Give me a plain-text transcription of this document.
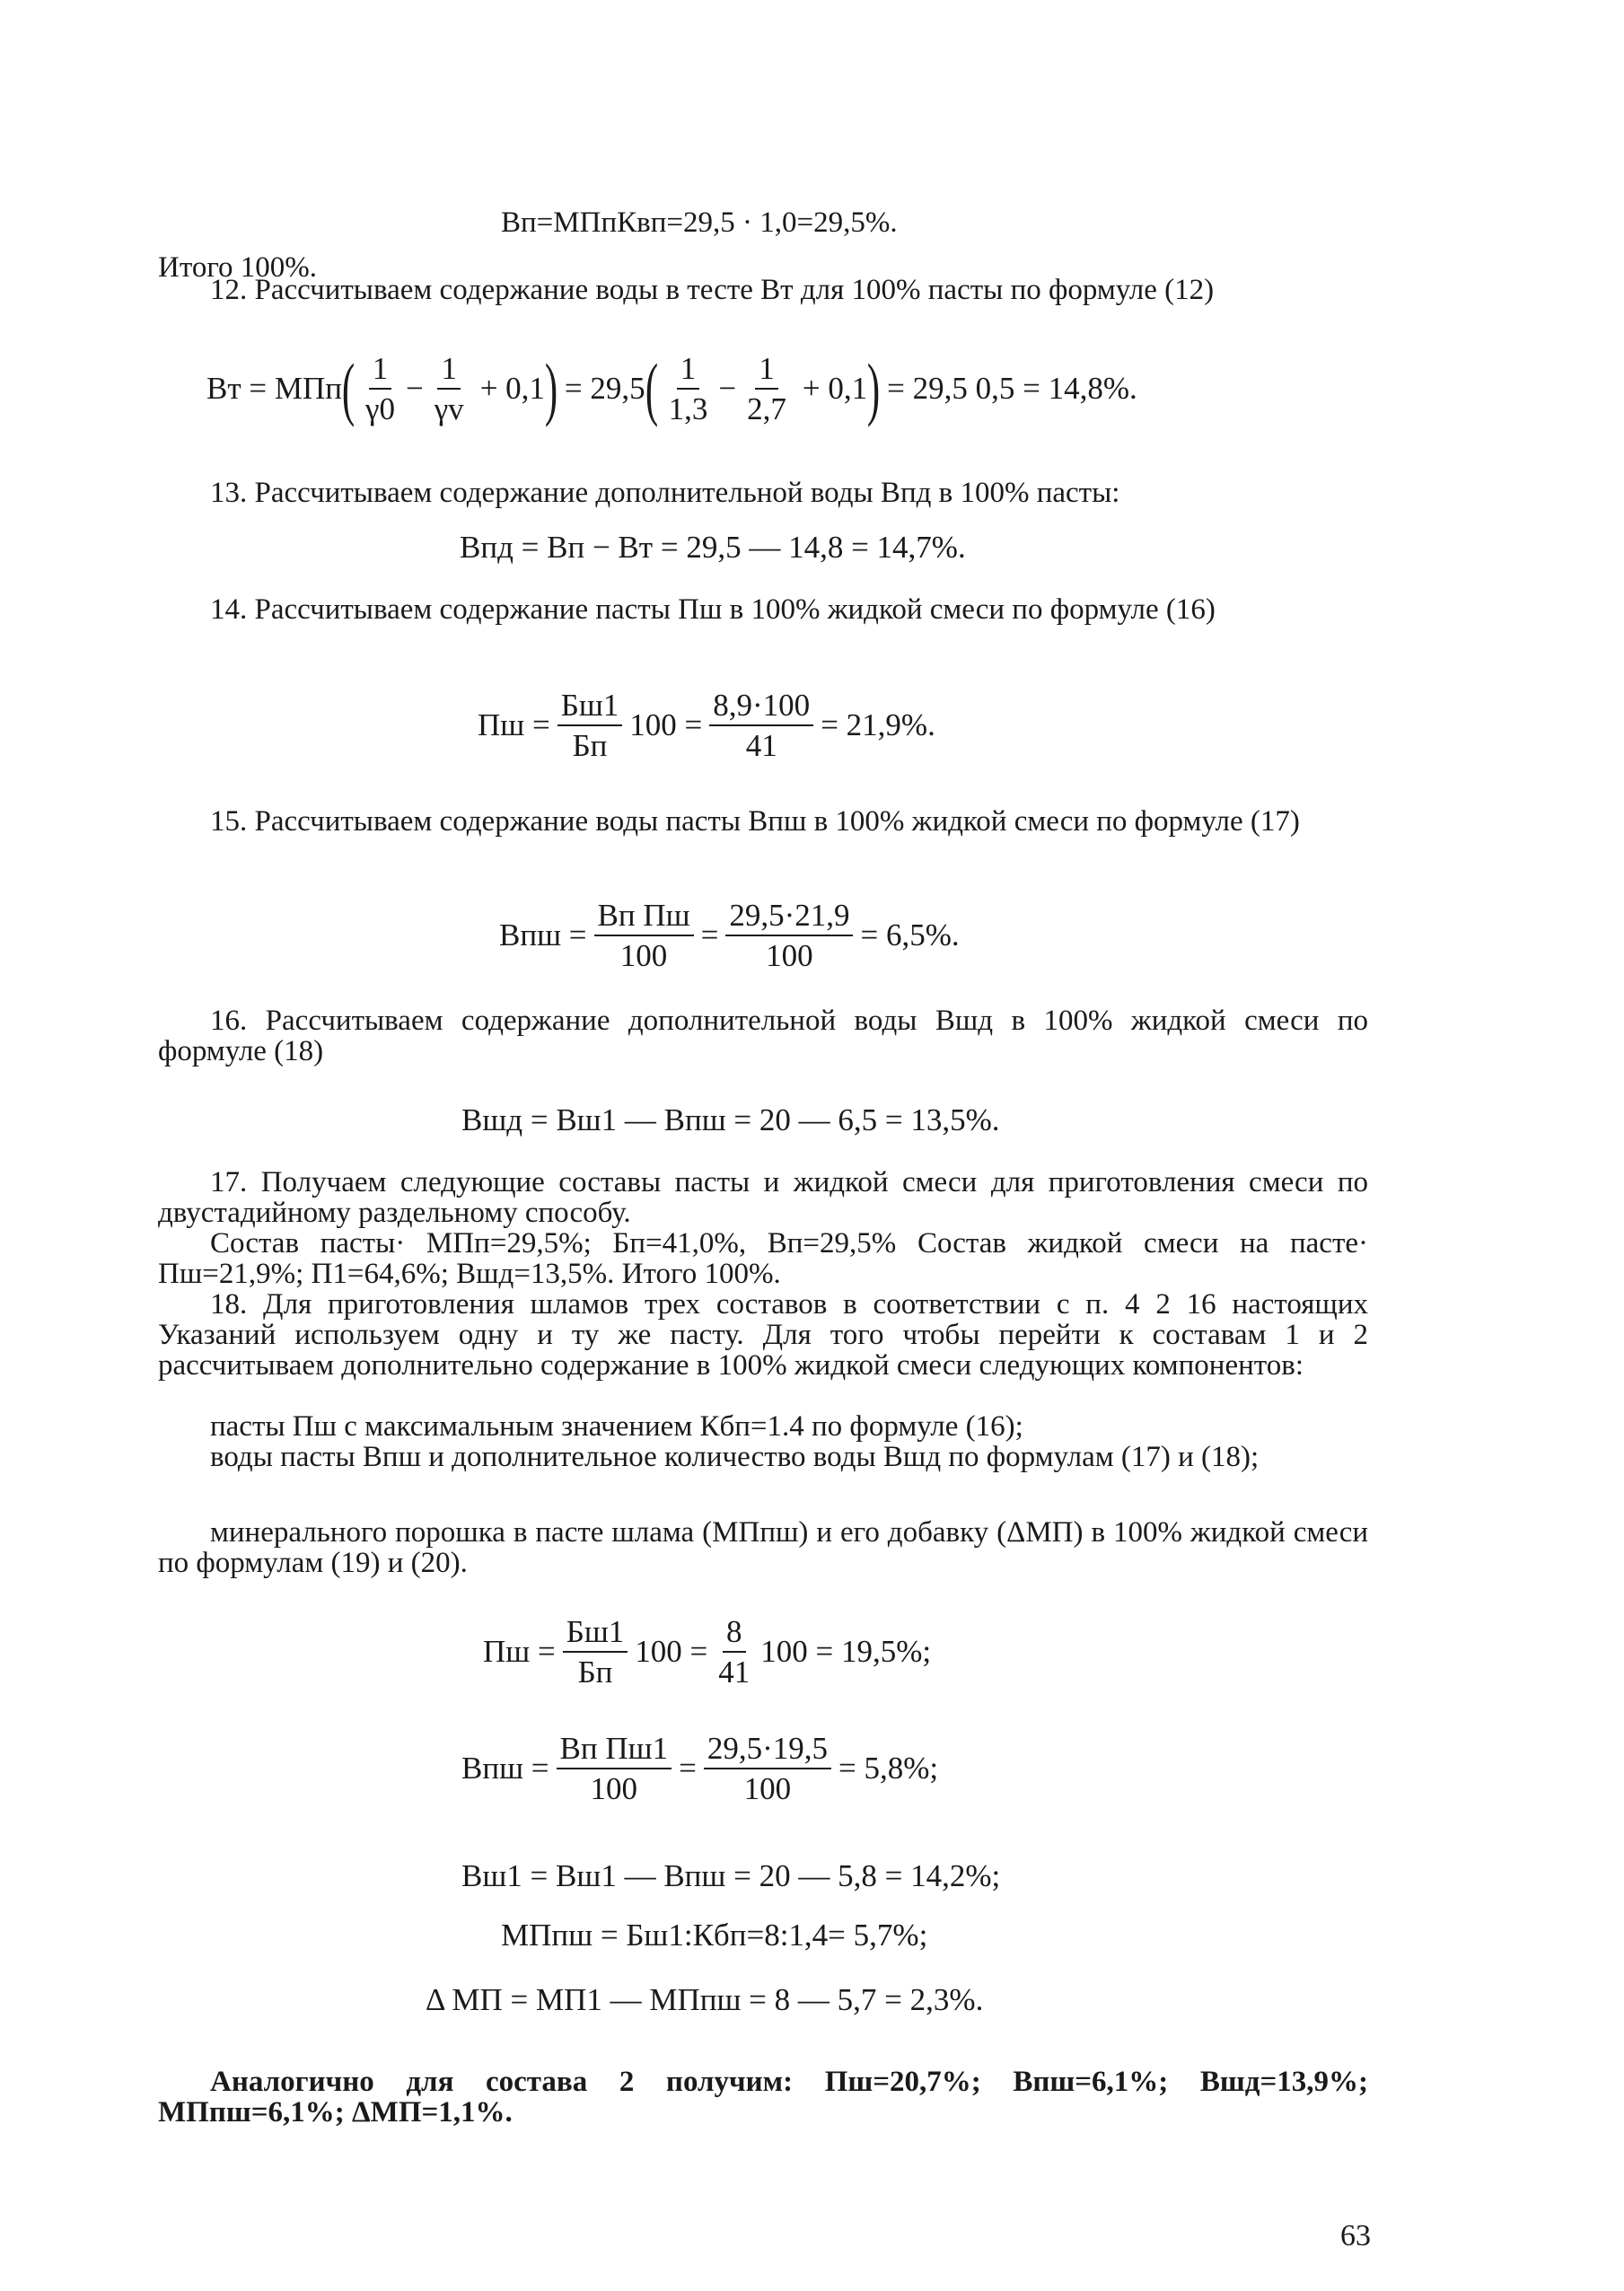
Вп=МПпКвп=29,5 · 1,0=29,5%.
Итого 100%.
12. Рассчитываем содержание воды в тесте Вт для 100% пасты по формуле (12)
Вт = МПп ( $\frac{1}{\gamma 0} - \frac{1}{\gamma v} + 0,1$ ) = 29,5 ( $\frac{1}{1,3} - \frac{1}{2,7} + 0,1$ ) = 29,5 0,5 = 14,8%.
13. Рассчитываем содержание дополнительной воды Впд в 100% пасты:
Впд = Вп − Вт = 29,5 — 14,8 = 14,7%.
14. Рассчитываем содержание пасты Пш в 100% жидкой смеси по формуле (16)
Пш = $\frac{Бш1}{Бп} 100 = \frac{8,9\cdot 100}{41} = 21,9\%$.
15. Рассчитываем содержание воды пасты Впш в 100% жидкой смеси по формуле (17)
Впш = $\frac{\text{Вп Пш}}{100} = \frac{29,5\cdot 21,9}{100} = 6,5\%$.
16. Рассчитываем содержание дополнительной воды Вшд в 100% жидкой смеси по формуле (18)
Вшд = Вш1 — Впш = 20 — 6,5 = 13,5%.
17. Получаем следующие составы пасты и жидкой смеси для приготовления смеси по двустадийному раздельному способу.
Состав пасты· МПп=29,5%; Бп=41,0%, Вп=29,5% Состав жидкой смеси на пасте· Пш=21,9%; П1=64,6%; Вшд=13,5%. Итого 100%.
18. Для приготовления шламов трех составов в соответствии с п. 4 2 16 настоящих Указаний используем одну и ту же пасту. Для того чтобы перейти к составам 1 и 2 рассчитываем дополнительно содержание в 100% жидкой смеси следующих компонентов:
пасты Пш с максимальным значением Кбп=1.4 по формуле (16);
воды пасты Впш и дополнительное количество воды Вшд по формулам (17) и (18);
минерального порошка в пасте шлама (МПпш) и его добавку (ΔМП) в 100% жидкой смеси по формулам (19) и (20).
Пш = $\frac{Бш1}{Бп} 100 = \frac{8}{41} 100 = 19,5\%$;
Впш = $\frac{\text{Вп Пш1}}{100} = \frac{29,5\cdot 19,5}{100} = 5,8\%$;
Вш1 = Вш1 — Впш = 20 — 5,8 = 14,2%;
МПпш = Бш1:Кбп=8:1,4= 5,7%;
Δ МП = МП1 — МПпш = 8 — 5,7 = 2,3%.
Аналогично для состава 2 получим: Пш=20,7%; Впш=6,1%; Вшд=13,9%; МПпш=6,1%; ΔМП=1,1%.
63
